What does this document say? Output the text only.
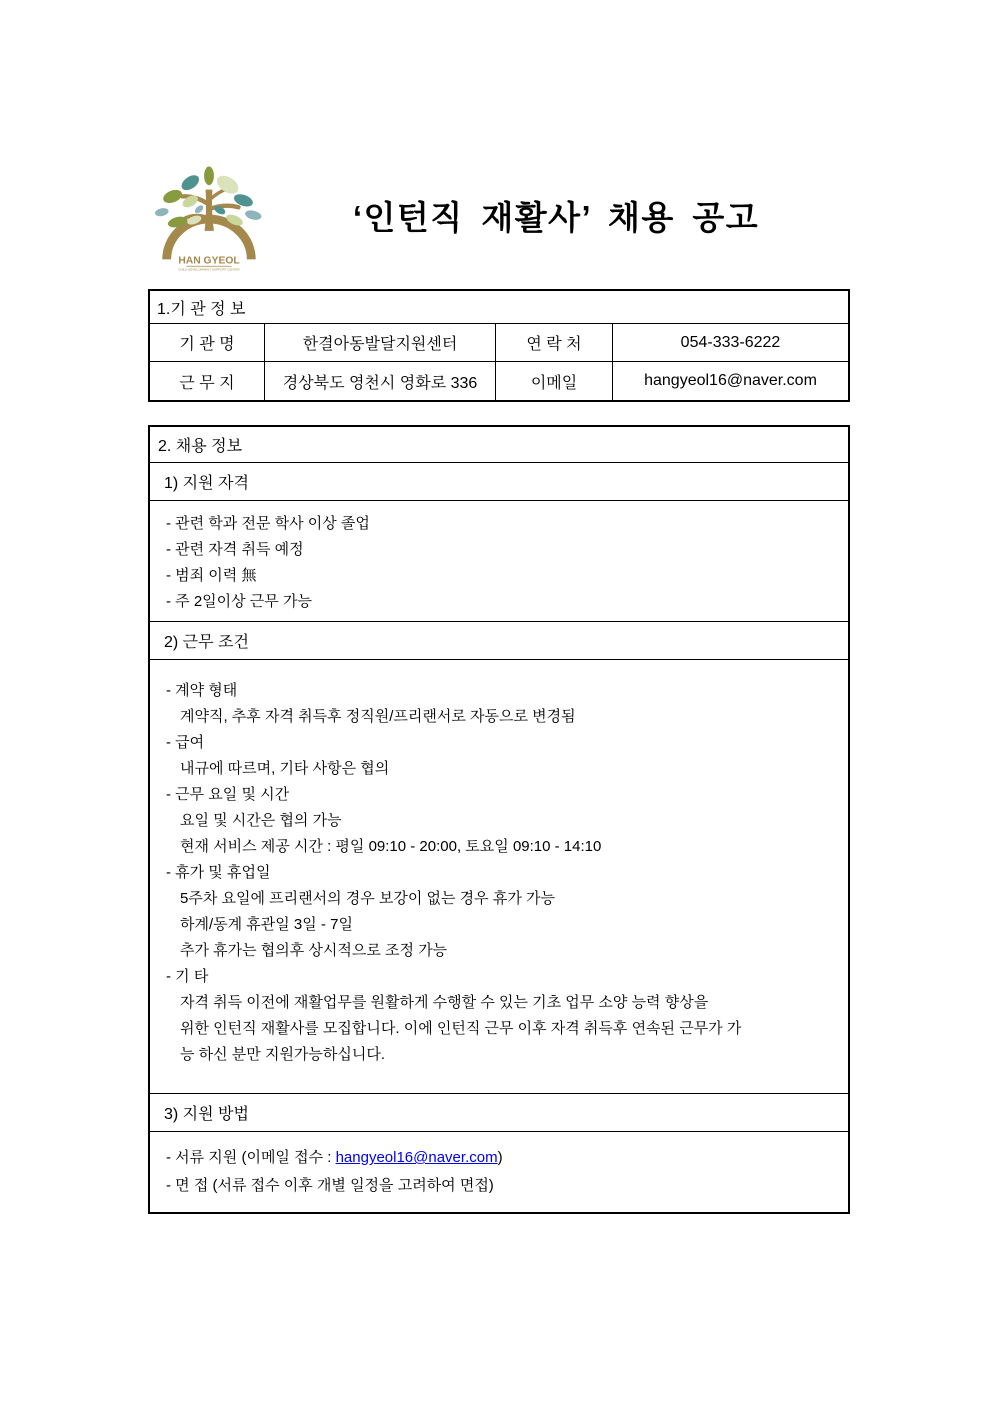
HAN GYEOL
CHILD DEVELOPMENT SUPPORT CENTER
‘인턴직 재활사’ 채용 공고
1.기 관 정 보
기 관 명	한결아동발달지원센터	연 락 처	054-333-6222
근 무 지	경상북도 영천시 영화로 336	이메일	hangyeol16@naver.com
2. 채용 정보
1) 지원 자격
- 관련 학과 전문 학사 이상 졸업
- 관련 자격 취득 예정
- 범죄 이력 無
- 주 2일이상 근무 가능
2) 근무 조건
- 계약 형태
계약직, 추후 자격 취득후 정직원/프리랜서로 자동으로 변경됨
- 급여
내규에 따르며, 기타 사항은 협의
- 근무 요일 및 시간
요일 및 시간은 협의 가능
현재 서비스 제공 시간 : 평일 09:10 - 20:00, 토요일 09:10 - 14:10
- 휴가 및 휴업일
5주차 요일에 프리랜서의 경우 보강이 없는 경우 휴가 가능
하계/동계 휴관일 3일 - 7일
추가 휴가는 협의후 상시적으로 조정 가능
- 기 타
자격 취득 이전에 재활업무를 원활하게 수행할 수 있는 기초 업무 소양 능력 향상을
위한 인턴직 재활사를 모집합니다. 이에 인턴직 근무 이후 자격 취득후 연속된 근무가 가
능 하신 분만 지원가능하십니다.
3) 지원 방법
- 서류 지원 (이메일 접수 : hangyeol16@naver.com)
- 면 접 (서류 접수 이후 개별 일정을 고려하여 면접)
